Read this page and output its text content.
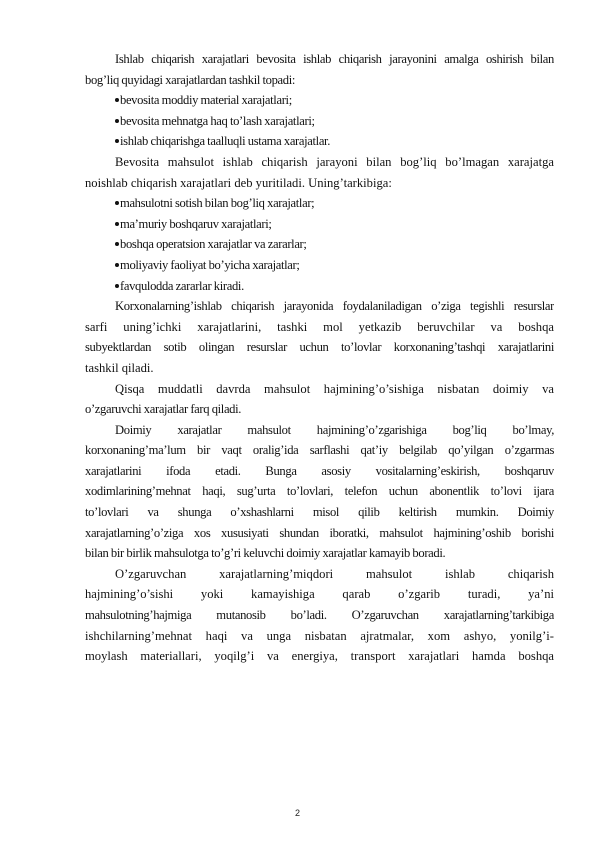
Ishlab chiqarish xarajatlari bevosita ishlab chiqarish jarayonini amalga oshirish bilan
bog’liq quyidagi xarajatlardan tashkil topadi:
bevosita moddiy material xarajatlari;
bevosita mehnatga haq to’lash xarajatlari;
ishlab chiqarishga taalluqli ustama xarajatlar.
Bevosita mahsulot ishlab chiqarish jarayoni bilan bog’liq bo’lmagan xarajatga
noishlab chiqarish xarajatlari deb yuritiladi. Uning’tarkibiga:
mahsulotni sotish bilan bog’liq xarajatlar;
ma’muriy boshqaruv xarajatlari;
boshqa operatsion xarajatlar va zararlar;
moliyaviy faoliyat bo’yicha xarajatlar;
favqulodda zararlar kiradi.
Korxonalarning’ishlab chiqarish jarayonida foydalaniladigan o’ziga tegishli resurslar
sarfi uning’ichki xarajatlarini, tashki mol yetkazib beruvchilar va boshqa
subyektlardan sotib olingan resurslar uchun to’lovlar korxonaning’tashqi xarajatlarini
tashkil qiladi.
Qisqa muddatli davrda mahsulot hajmining’o’sishiga nisbatan doimiy va
o’zgaruvchi xarajatlar farq qiladi.
Doimiy xarajatlar mahsulot hajmining’o’zgarishiga bog’liq bo’lmay,
korxonaning’ma’lum bir vaqt oralig’ida sarflashi qat’iy belgilab qo’yilgan o’zgarmas
xarajatlarini ifoda etadi. Bunga asosiy vositalarning’eskirish, boshqaruv
xodimlarining’mehnat haqi, sug’urta to’lovlari, telefon uchun abonentlik to’lovi ijara
to’lovlari va shunga o’xshashlarni misol qilib keltirish mumkin. Doimiy
xarajatlarning’o’ziga xos xususiyati shundan iboratki, mahsulot hajmining’oshib borishi
bilan bir birlik mahsulotga to’g’ri keluvchi doimiy xarajatlar kamayib boradi.
O’zgaruvchan xarajatlarning’miqdori mahsulot ishlab chiqarish
hajmining’o’sishi yoki kamayishiga qarab o’zgarib turadi, ya’ni
mahsulotning’hajmiga mutanosib bo’ladi. O’zgaruvchan xarajatlarning’tarkibiga
ishchilarning’mehnat haqi va unga nisbatan ajratmalar, xom ashyo, yonilg’i-
moylash materiallari, yoqilg’i va energiya, transport xarajatlari hamda boshqa
2
